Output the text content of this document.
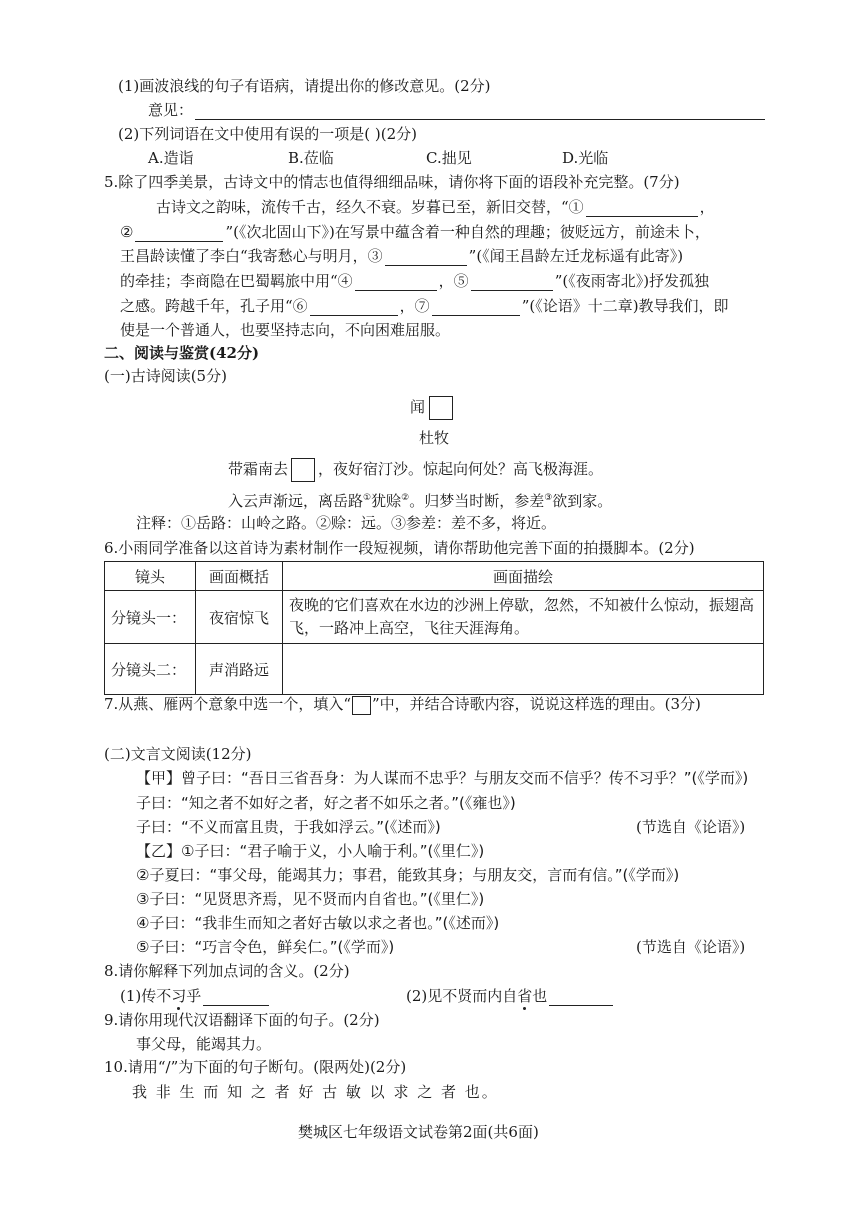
(1)画波浪线的句子有语病，请提出你的修改意见。(2分)
意见：
(2)下列词语在文中使用有误的一项是( )(2分)
A.造诣	B.莅临	C.拙见	D.光临
5.除了四季美景，古诗文中的情志也值得细细品味，请你将下面的语段补充完整。(7分)
古诗文之韵味，流传千古，经久不衰。岁暮已至，新旧交替，“①	，
②	”(《次北固山下》)在写景中蕴含着一种自然的理趣；彼贬远方，前途未卜，
王昌龄读懂了李白“我寄愁心与明月，③	”(《闻王昌龄左迁龙标遥有此寄》)
的牵挂；李商隐在巴蜀羁旅中用“④	，⑤	”(《夜雨寄北》)抒发孤独
之感。跨越千年，孔子用“⑥	，⑦	”(《论语》十二章)教导我们，即
使是一个普通人，也要坚持志向，不向困难屈服。
二、阅读与鉴赏(42分)
(一)古诗阅读(5分)
闻
杜牧
带霜南去 ，夜好宿汀沙。惊起向何处？高飞极海涯。
入云声渐远，离岳路①犹赊②。归梦当时断，参差③欲到家。
注释：①岳路：山岭之路。②赊：远。③参差：差不多，将近。
6.小雨同学准备以这首诗为素材制作一段短视频，请你帮助他完善下面的拍摄脚本。(2分)
镜头	画面概括	画面描绘
分镜头一：	夜宿惊飞	夜晚的它们喜欢在水边的沙洲上停歇，忽然，不知被什么惊动，振翅高飞，一路冲上高空，飞往天涯海角。
分镜头二：	声消路远	
7.从燕、雁两个意象中选一个，填入“ ”中，并结合诗歌内容，说说这样选的理由。(3分)
(二)文言文阅读(12分)
【甲】曾子曰：“吾日三省吾身：为人谋而不忠乎？与朋友交而不信乎？传不习乎？”(《学而》)
子曰：“知之者不如好之者，好之者不如乐之者。”(《雍也》)
子曰：“不义而富且贵，于我如浮云。”(《述而》)	(节选自《论语》)
【乙】①子曰：“君子喻于义，小人喻于利。”(《里仁》)
②子夏曰：“事父母，能竭其力；事君，能致其身；与朋友交，言而有信。”(《学而》)
③子曰：“见贤思齐焉，见不贤而内自省也。”(《里仁》)
④子曰：“我非生而知之者好古敏以求之者也。”(《述而》)
⑤子曰：“巧言令色，鲜矣仁。”(《学而》)	(节选自《论语》)
8.请你解释下列加点词的含义。(2分)
(1)传不习乎	(2)见不贤而内自省也
9.请你用现代汉语翻译下面的句子。(2分)
事父母，能竭其力。
10.请用“/”为下面的句子断句。(限两处)(2分)
我 非 生 而 知 之 者 好 古 敏 以 求 之 者 也。
樊城区七年级语文试卷第2面(共6面)
